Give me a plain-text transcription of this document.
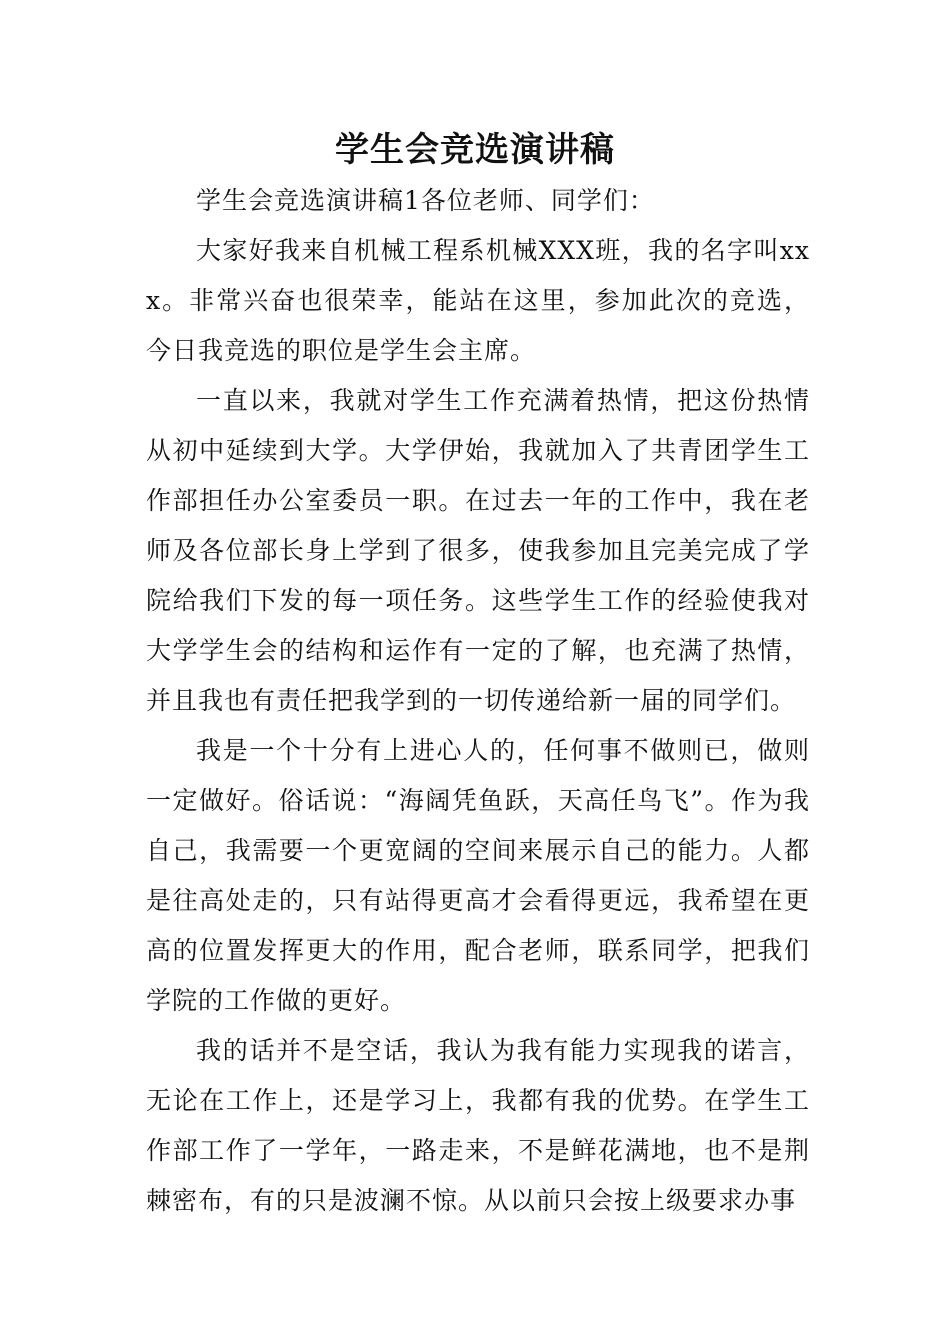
学生会竞选演讲稿

学生会竞选演讲稿1各位老师、同学们：

大家好我来自机械工程系机械XXX班，我的名字叫xxx。非常兴奋也很荣幸，能站在这里，参加此次的竞选，今日我竞选的职位是学生会主席。

一直以来，我就对学生工作充满着热情，把这份热情从初中延续到大学。大学伊始，我就加入了共青团学生工作部担任办公室委员一职。在过去一年的工作中，我在老师及各位部长身上学到了很多，使我参加且完美完成了学院给我们下发的每一项任务。这些学生工作的经验使我对大学学生会的结构和运作有一定的了解，也充满了热情，并且我也有责任把我学到的一切传递给新一届的同学们。

我是一个十分有上进心人的，任何事不做则已，做则一定做好。俗话说：“海阔凭鱼跃，天高任鸟飞”。作为我自己，我需要一个更宽阔的空间来展示自己的能力。人都是往高处走的，只有站得更高才会看得更远，我希望在更高的位置发挥更大的作用，配合老师，联系同学，把我们学院的工作做的更好。

我的话并不是空话，我认为我有能力实现我的诺言，无论在工作上，还是学习上，我都有我的优势。在学生工作部工作了一学年，一路走来，不是鲜花满地，也不是荆棘密布，有的只是波澜不惊。从以前只会按上级要求办事
